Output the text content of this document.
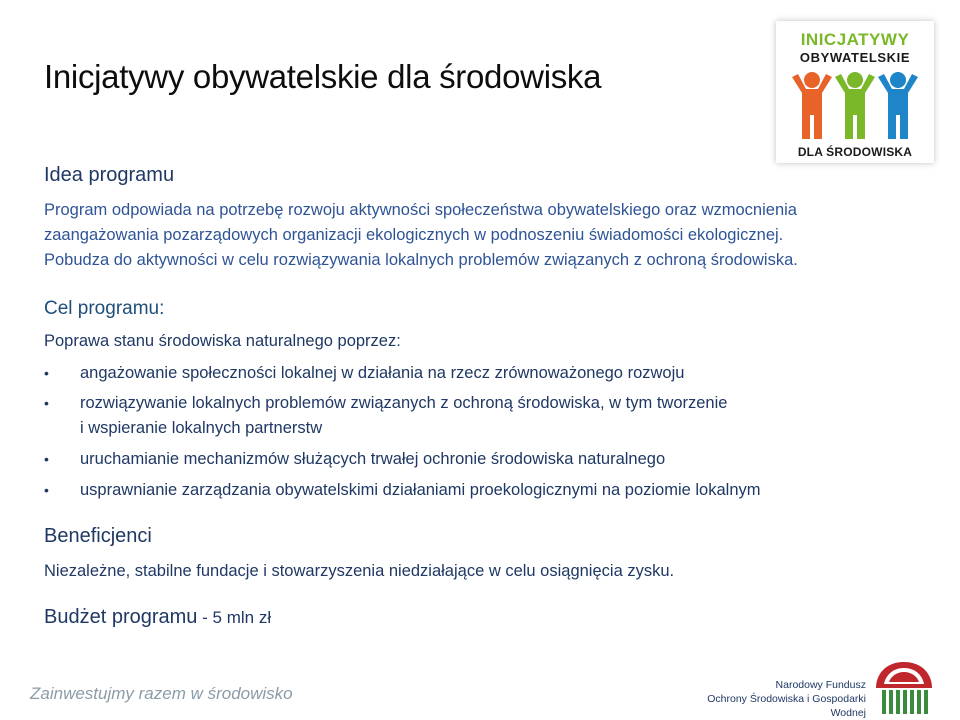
Inicjatywy obywatelskie dla środowiska
INICJATYWY
OBYWATELSKIE
DLA ŚRODOWISKA
Idea programu
Program odpowiada na potrzebę rozwoju aktywności społeczeństwa obywatelskiego oraz wzmocnienia
zaangażowania pozarządowych organizacji ekologicznych w podnoszeniu świadomości ekologicznej.
Pobudza do aktywności w celu rozwiązywania lokalnych problemów związanych z ochroną środowiska.
Cel programu:
Poprawa stanu środowiska naturalnego poprzez:
• angażowanie społeczności lokalnej w działania na rzecz zrównoważonego rozwoju
• rozwiązywanie lokalnych problemów związanych z ochroną środowiska, w tym tworzenie
i wspieranie lokalnych partnerstw
• uruchamianie mechanizmów służących trwałej ochronie środowiska naturalnego
• usprawnianie zarządzania obywatelskimi działaniami proekologicznymi na poziomie lokalnym
Beneficjenci
Niezależne, stabilne fundacje i stowarzyszenia niedziałające w celu osiągnięcia zysku.
Budżet programu - 5 mln zł
Zainwestujmy razem w środowisko	Narodowy Fundusz
Ochrony Środowiska i Gospodarki Wodnej
